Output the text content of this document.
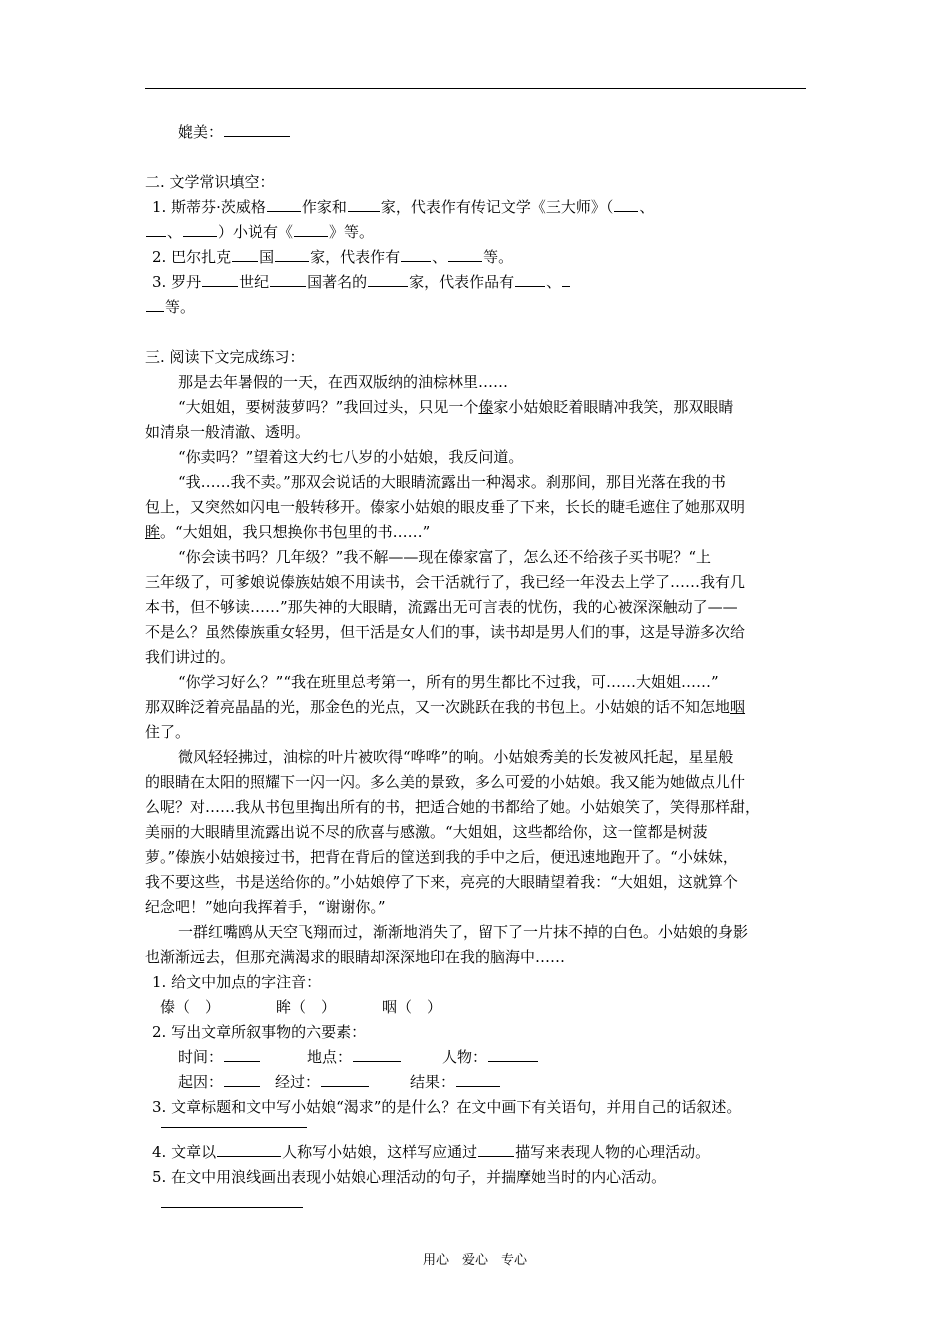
媲美：
二. 文学常识填空：
1. 斯蒂芬·茨威格 作家和 家，代表作有传记文学《三大师》（ 、
、 ）小说有《 》等。
2. 巴尔扎克 国 家，代表作有 、 等。
3. 罗丹	世纪	国著名的	家，代表作品有 、
等。
三. 阅读下文完成练习：
那是去年暑假的一天，在西双版纳的油棕林里……
“大姐姐，要树菠萝吗？”我回过头，只见一个傣家小姑娘眨着眼睛冲我笑，那双眼睛
如清泉一般清澈、透明。
“你卖吗？”望着这大约七八岁的小姑娘，我反问道。
“我……我不卖。”那双会说话的大眼睛流露出一种渴求。刹那间，那目光落在我的书
包上，又突然如闪电一般转移开。傣家小姑娘的眼皮垂了下来，长长的睫毛遮住了她那双明
眸。“大姐姐，我只想换你书包里的书……”
“你会读书吗？几年级？”我不解——现在傣家富了，怎么还不给孩子买书呢？“上
三年级了，可爹娘说傣族姑娘不用读书，会干活就行了，我已经一年没去上学了……我有几
本书，但不够读……”那失神的大眼睛，流露出无可言表的忧伤，我的心被深深触动了——
不是么？虽然傣族重女轻男，但干活是女人们的事，读书却是男人们的事，这是导游多次给
我们讲过的。
“你学习好么？”“我在班里总考第一，所有的男生都比不过我，可……大姐姐……”
那双眸泛着亮晶晶的光，那金色的光点，又一次跳跃在我的书包上。小姑娘的话不知怎地咽
住了。
微风轻轻拂过，油棕的叶片被吹得“哗哗”的响。小姑娘秀美的长发被风托起，星星般
的眼睛在太阳的照耀下一闪一闪。多么美的景致，多么可爱的小姑娘。我又能为她做点儿什
么呢？对……我从书包里掏出所有的书，把适合她的书都给了她。小姑娘笑了，笑得那样甜，
美丽的大眼睛里流露出说不尽的欣喜与感激。“大姐姐，这些都给你，这一筐都是树菠
萝。”傣族小姑娘接过书，把背在背后的筐送到我的手中之后，便迅速地跑开了。“小妹妹，
我不要这些，书是送给你的。”小姑娘停了下来，亮亮的大眼睛望着我：“大姐姐，这就算个
纪念吧！”她向我挥着手，“谢谢你。”
一群红嘴鸥从天空飞翔而过，渐渐地消失了，留下了一片抹不掉的白色。小姑娘的身影
也渐渐远去，但那充满渴求的眼睛却深深地印在我的脑海中……
1. 给文中加点的字注音：
傣（　）	眸（　）	咽（　）
2. 写出文章所叙事物的六要素：
时间：	地点：	人物：
起因：	经过：	结果：
3. 文章标题和文中写小姑娘“渴求”的是什么？在文中画下有关语句，并用自己的话叙述。
4. 文章以	人称写小姑娘，这样写应通过	描写来表现人物的心理活动。
5. 在文中用浪线画出表现小姑娘心理活动的句子，并揣摩她当时的内心活动。
用心　爱心　专心
